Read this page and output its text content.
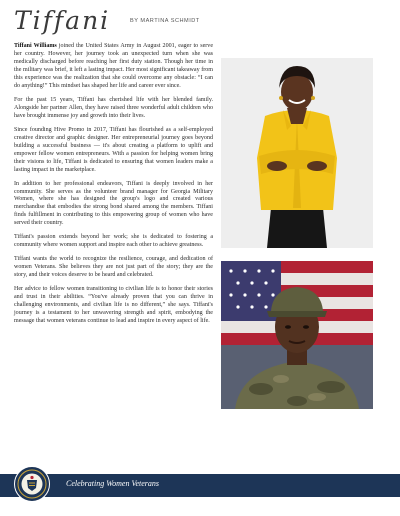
Tiffani	BY MARTINA SCHMIDT

Tiffani Williams joined the United States Army in August 2001, eager to serve her country. However, her journey took an unexpected turn when she was medically discharged before reaching her first duty station. Though her time in the military was brief, it left a lasting impact. Her most significant takeaway from this experience was the realization that she could overcome any obstacle: “I can do anything!” This mindset has shaped her life and career ever since.

For the past 15 years, Tiffani has cherished life with her blended family. Alongside her partner Allen, they have raised three wonderful adult children who have brought immense joy and growth into their lives.

Since founding Hive Promo in 2017, Tiffani has flourished as a self-employed creative director and graphic designer. Her entrepreneurial journey goes beyond building a successful business — it's about creating a platform to uplift and empower fellow women entrepreneurs. With a passion for helping women bring their visions to life, Tiffani is dedicated to ensuring that women leaders make a lasting impact in the marketplace.

In addition to her professional endeavors, Tiffani is deeply involved in her community. She serves as the volunteer brand manager for Georgia Military Women, where she has designed the group's logo and created various merchandise that embodies the strong bond shared among the members. Tiffani finds fulfillment in contributing to this empowering group of women who have served their country.

Tiffani's passion extends beyond her work; she is dedicated to fostering a community where women support and inspire each other to achieve greatness.

Tiffani wants the world to recognize the resilience, courage, and dedication of women Veterans. She believes they are not just part of the story; they are the story, and their voices deserve to be heard and celebrated.

Her advice to fellow women transitioning to civilian life is to honor their stories and trust in their abilities. “You've already proven that you can thrive in challenging environments, and civilian life is no different,” she says. Tiffani's journey is a testament to her unwavering strength and spirit, embodying the message that women veterans continue to lead and inspire in every aspect of life.

Celebrating Women Veterans
